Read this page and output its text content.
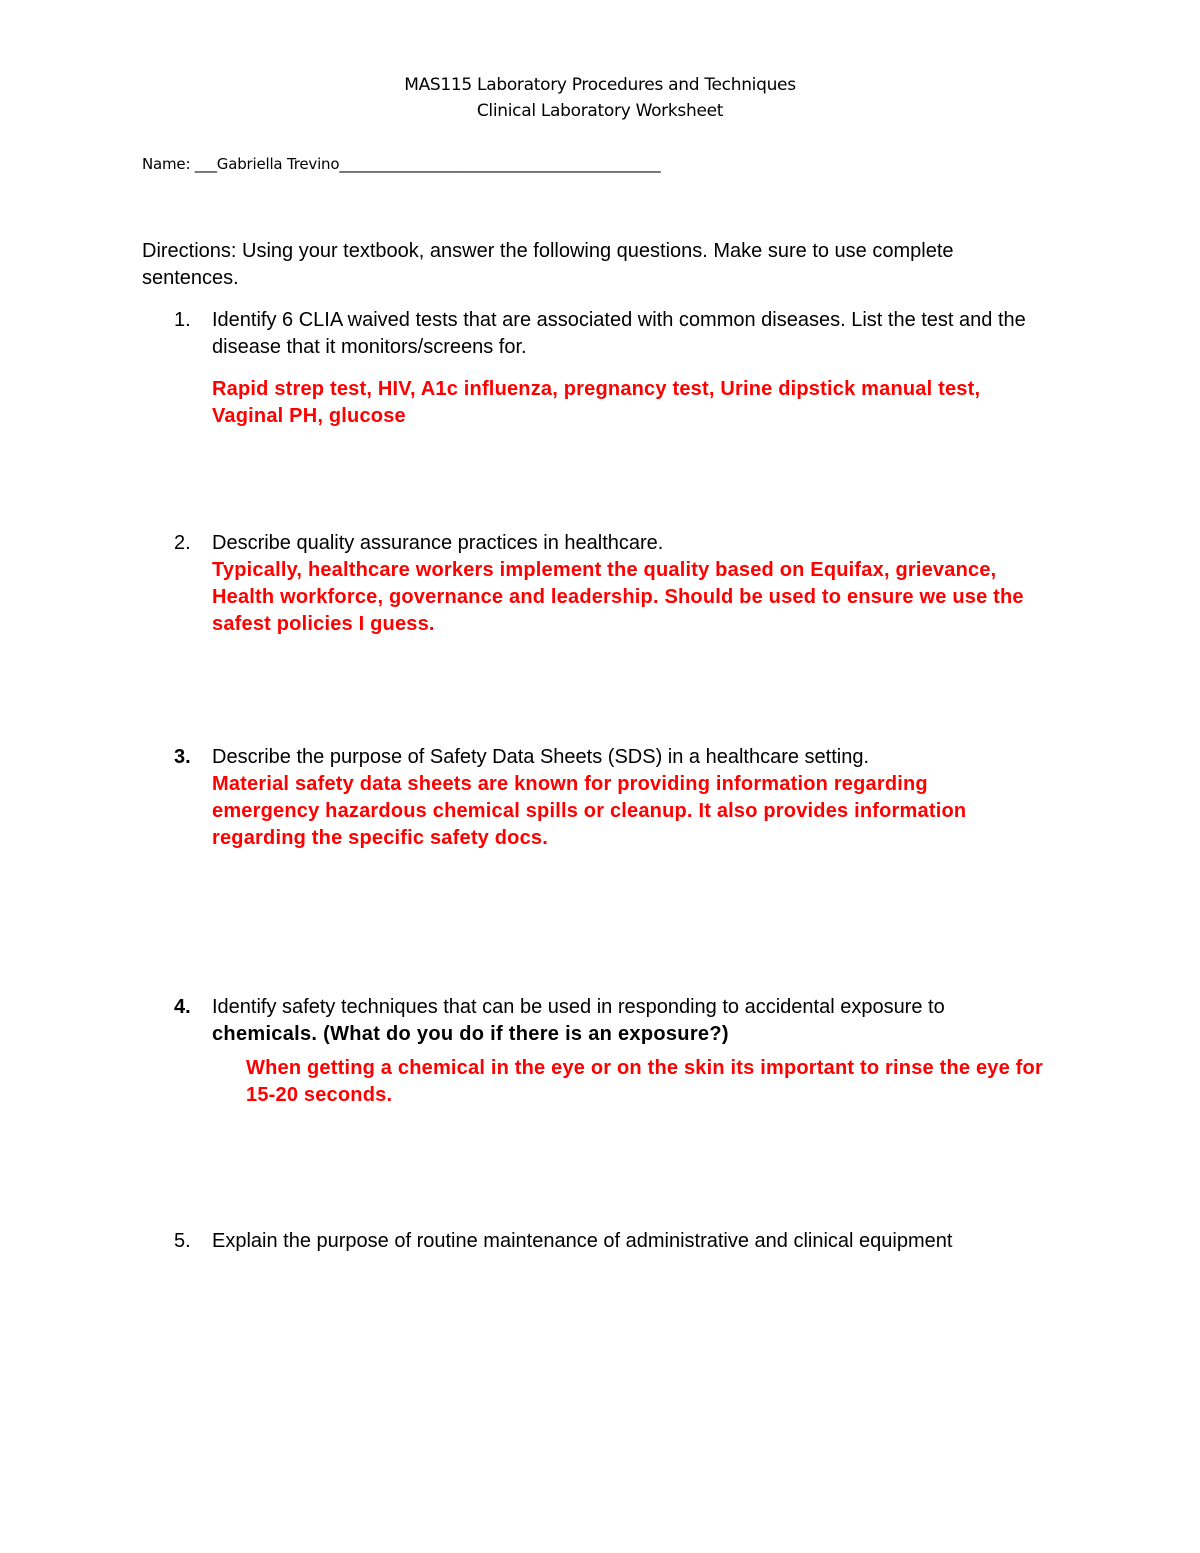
MAS115 Laboratory Procedures and Techniques
Clinical Laboratory Worksheet
Name: ___Gabriella Trevino____________________________________________
Directions: Using your textbook, answer the following questions. Make sure to use complete sentences.
1. Identify 6 CLIA waived tests that are associated with common diseases. List the test and the disease that it monitors/screens for.
Rapid strep test, HIV, A1c influenza, pregnancy test, Urine dipstick manual test, Vaginal PH, glucose
2. Describe quality assurance practices in healthcare.
Typically, healthcare workers implement the quality based on Equifax, grievance, Health workforce, governance and leadership. Should be used to ensure we use the safest policies I guess.
3. Describe the purpose of Safety Data Sheets (SDS) in a healthcare setting.
Material safety data sheets are known for providing information regarding emergency hazardous chemical spills or cleanup. It also provides information regarding the specific safety docs.
4. Identify safety techniques that can be used in responding to accidental exposure to chemicals. (What do you do if there is an exposure?)
When getting a chemical in the eye or on the skin its important to rinse the eye for 15-20 seconds.
5. Explain the purpose of routine maintenance of administrative and clinical equipment
